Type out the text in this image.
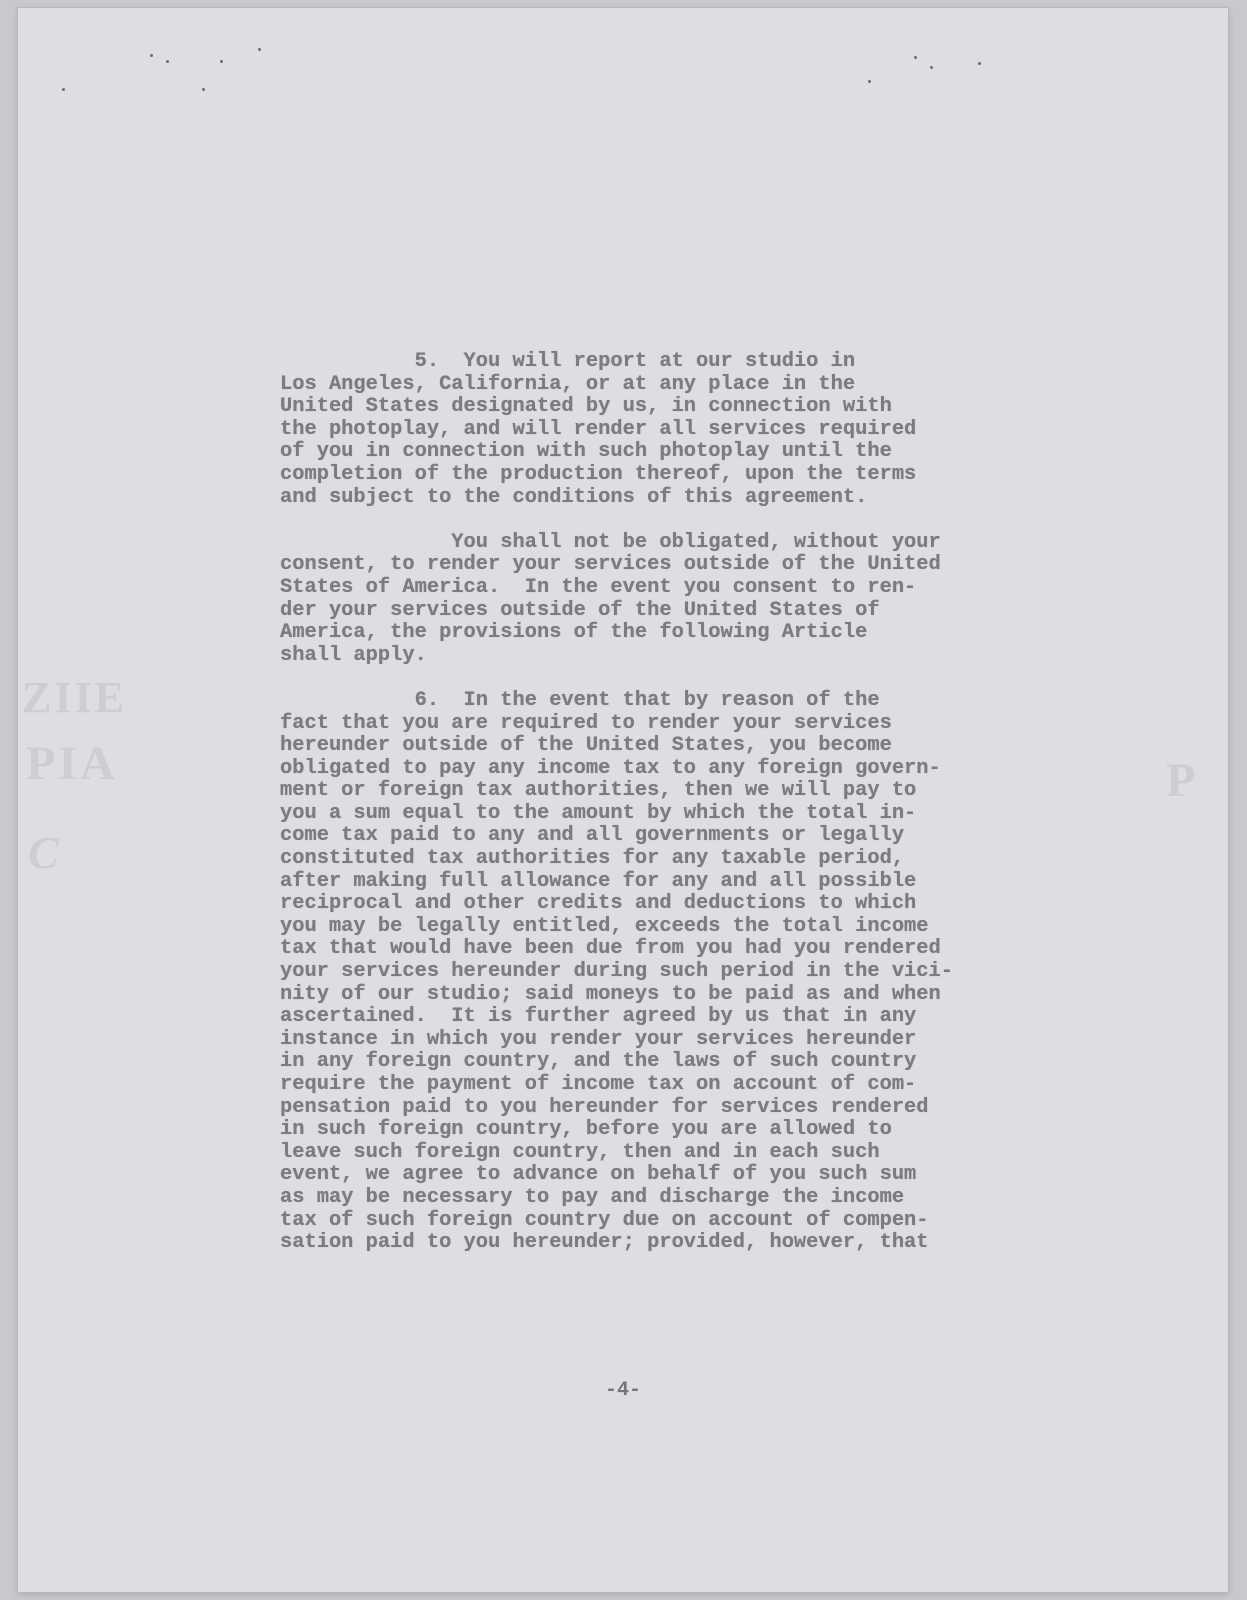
ZIIE
PIA
C
P
5.  You will report at our studio in
Los Angeles, California, or at any place in the
United States designated by us, in connection with
the photoplay, and will render all services required
of you in connection with such photoplay until the
completion of the production thereof, upon the terms
and subject to the conditions of this agreement.

You shall not be obligated, without your
consent, to render your services outside of the United
States of America.  In the event you consent to ren-
der your services outside of the United States of
America, the provisions of the following Article
shall apply.

6.  In the event that by reason of the
fact that you are required to render your services
hereunder outside of the United States, you become
obligated to pay any income tax to any foreign govern-
ment or foreign tax authorities, then we will pay to
you a sum equal to the amount by which the total in-
come tax paid to any and all governments or legally
constituted tax authorities for any taxable period,
after making full allowance for any and all possible
reciprocal and other credits and deductions to which
you may be legally entitled, exceeds the total income
tax that would have been due from you had you rendered
your services hereunder during such period in the vici-
nity of our studio; said moneys to be paid as and when
ascertained.  It is further agreed by us that in any
instance in which you render your services hereunder
in any foreign country, and the laws of such country
require the payment of income tax on account of com-
pensation paid to you hereunder for services rendered
in such foreign country, before you are allowed to
leave such foreign country, then and in each such
event, we agree to advance on behalf of you such sum
as may be necessary to pay and discharge the income
tax of such foreign country due on account of compen-
sation paid to you hereunder; provided, however, that

-4-
